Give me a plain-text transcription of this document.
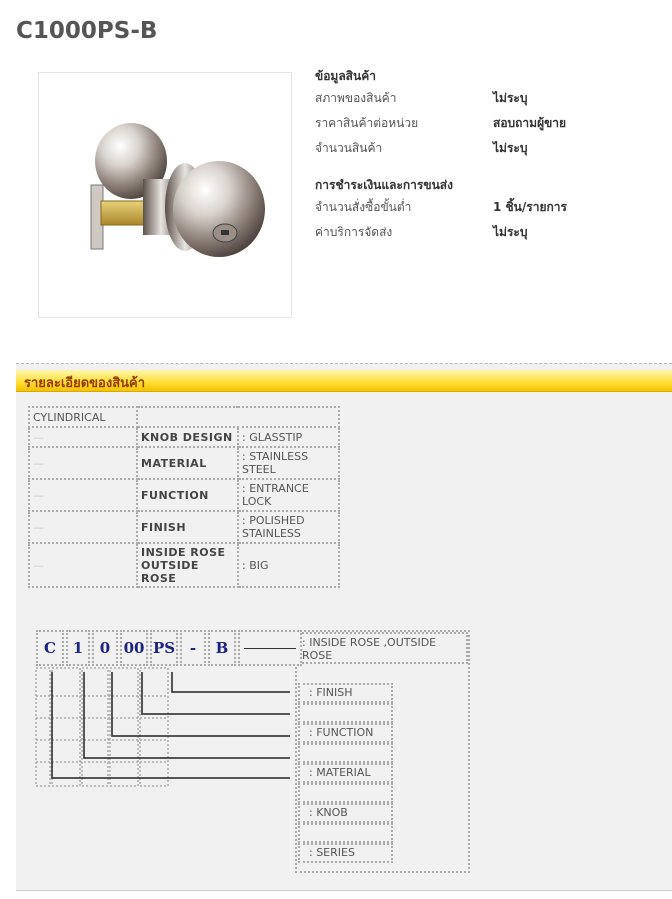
C1000PS-B
ข้อมูลสินค้า
สภาพของสินค้า	ไม่ระบุ
ราคาสินค้าต่อหน่วย	สอบถามผู้ขาย
จำนวนสินค้า	ไม่ระบุ
การชำระเงินและการขนส่ง
จำนวนสั่งซื้อขั้นต่ำ	1 ชิ้น/รายการ
ค่าบริการจัดส่ง	ไม่ระบุ
รายละเอียดของสินค้า
CYLINDRICAL		
—	KNOB DESIGN	: GLASSTIP
—	MATERIAL	: STAINLESS STEEL
—	FUNCTION	: ENTRANCE LOCK
—	FINISH	: POLISHED STAINLESS
—	INSIDE ROSE OUTSIDE ROSE	: BIG
: INSIDE ROSE ,OUTSIDE ROSE
C	1	0 00 PS -	B
: FINISH
: FUNCTION
: MATERIAL
: KNOB
: SERIES
